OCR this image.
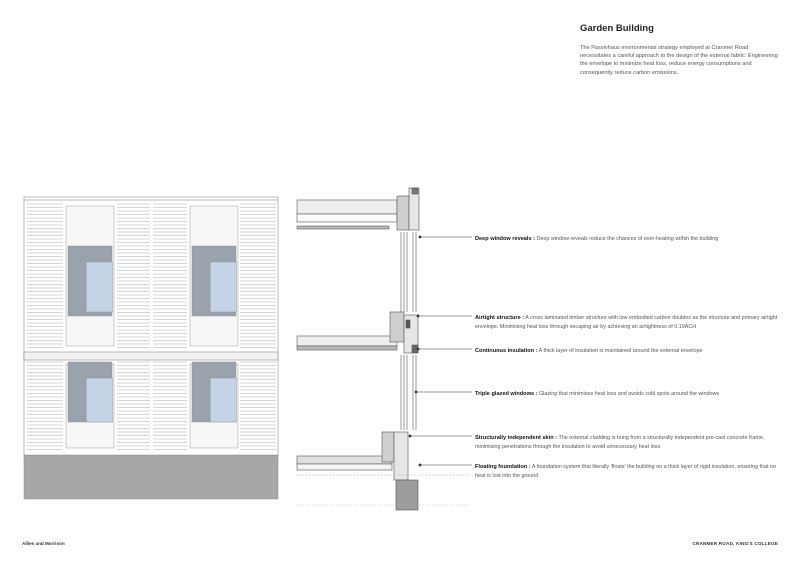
Garden Building
The Passivhaus environmental strategy employed at Cranmer Road necessitates a careful approach to the design of the external fabric: Engineering the envelope to minimize heat loss, reduce energy consumptions and consequently reduce carbon emissions.
Deep window reveals : Deep window reveals reduce the chances of over-heating within the building
Airtight structure : A cross laminated timber structure with low embodied carbon doubles as the structure and primary airtight envelope. Minimising heat loss through escaping air by achieving an airtightness of 0.19ACH
Continuous insulation : A thick layer of insulation is maintained around the external envelope
Triple glazed windows : Glazing that minimises heat loss and avoids cold spots around the windows
Structurally independent skin : The external cladding is hung from a structurally independent pre-cast concrete frame, minimising penetrations through the insulation to avoid unnecessary heat loss
Floating foundation : A foundation system that literally 'floats' the building on a thick layer of rigid insulation, ensuring that no heat is lost into the ground
Allies and Morrison	CRANMER ROAD, KING'S COLLEGE
